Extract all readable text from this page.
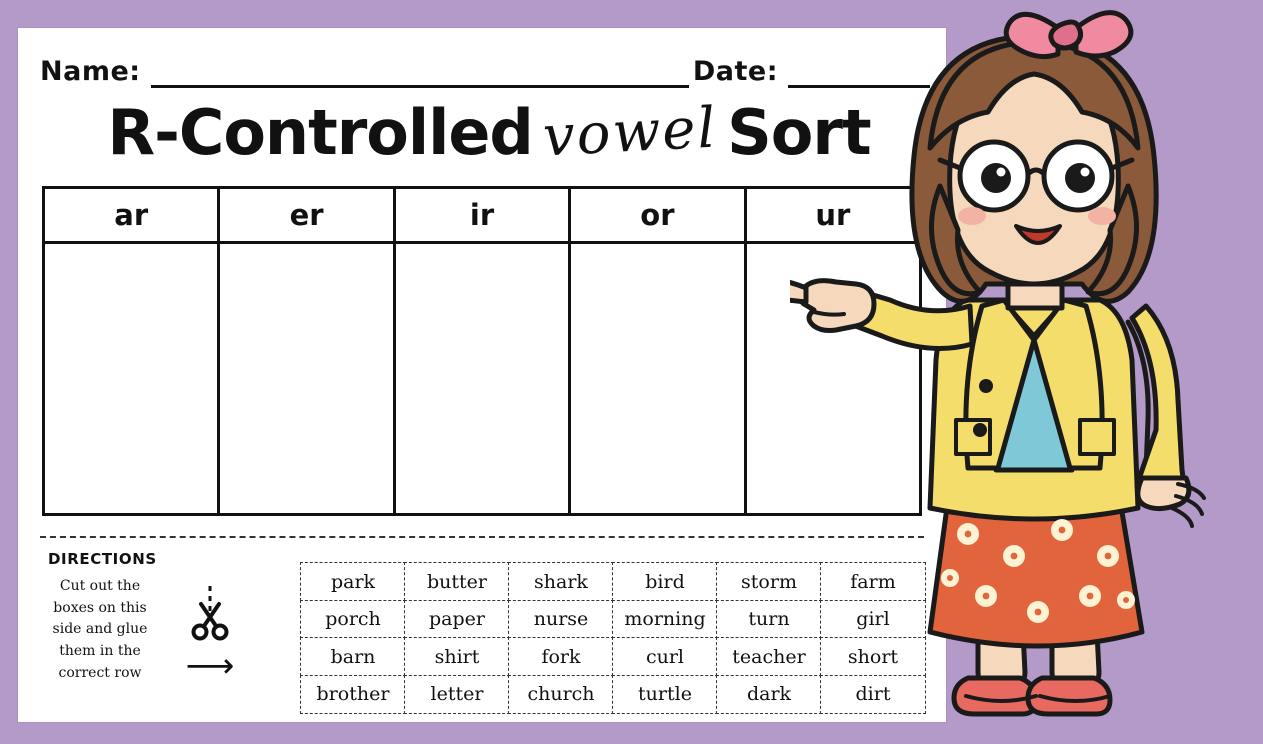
Name:	Date:
R-Controlled vowel Sort
ar	er	ir	or	ur
DIRECTIONS
Cut out the boxes on this side and glue them in the correct row	⟶
park	butter	shark	bird	storm	farm
porch	paper	nurse	morning	turn	girl
barn	shirt	fork	curl	teacher	short
brother	letter	church	turtle	dark	dirt
